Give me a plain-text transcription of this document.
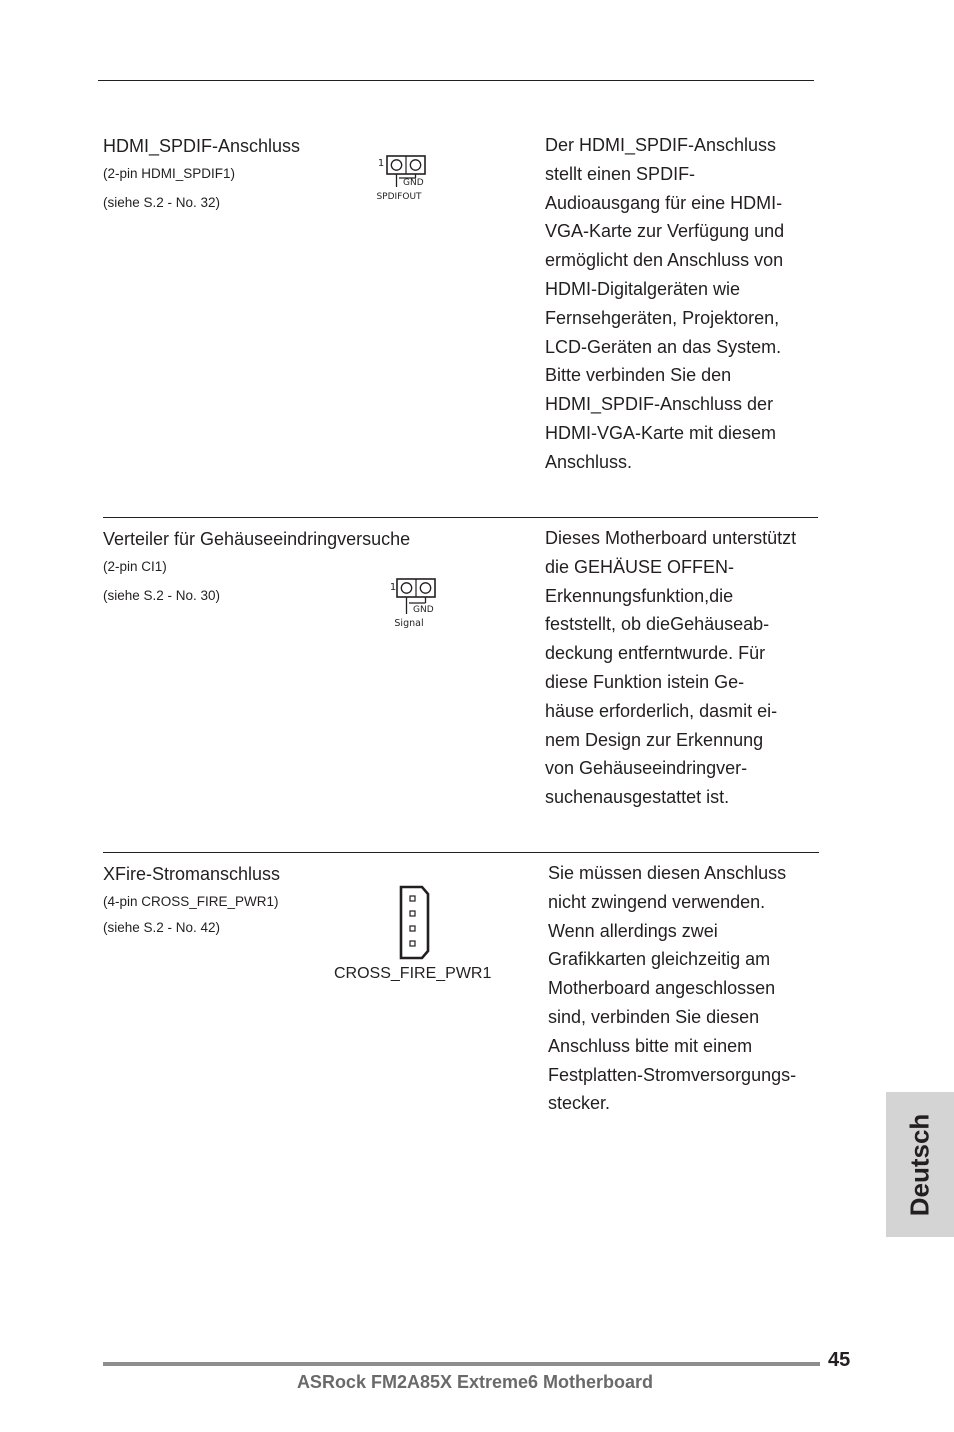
HDMI_SPDIF-Anschluss
(2-pin HDMI_SPDIF1)
(siehe S.2 - No. 32)
1
GND
SPDIFOUT
Der HDMI_SPDIF-Anschluss
stellt einen SPDIF-
Audioausgang für eine HDMI-
VGA-Karte zur Verfügung und
ermöglicht den Anschluss von
HDMI-Digitalgeräten wie
Fernsehgeräten, Projektoren,
LCD-Geräten an das System.
Bitte verbinden Sie den
HDMI_SPDIF-Anschluss der
HDMI-VGA-Karte mit diesem
Anschluss.
Verteiler für Gehäuseeindringversuche
(2-pin CI1)
(siehe S.2 - No. 30)
1
GND
Signal
Dieses Motherboard unterstützt
die GEHÄUSE OFFEN-
Erkennungsfunktion,die
feststellt, ob dieGehäuseab-
deckung entferntwurde. Für
diese Funktion istein Ge-
häuse erforderlich, dasmit ei-
nem Design zur Erkennung
von Gehäuseeindringver-
suchenausgestattet ist.
XFire-Stromanschluss
(4-pin CROSS_FIRE_PWR1)
(siehe S.2 - No. 42)
CROSS_FIRE_PWR1
Sie müssen diesen Anschluss
nicht zwingend verwenden.
Wenn allerdings zwei
Grafikkarten gleichzeitig am
Motherboard angeschlossen
sind, verbinden Sie diesen
Anschluss bitte mit einem
Festplatten-Stromversorgungs-
stecker.
Deutsch
45
ASRock FM2A85X Extreme6 Motherboard
